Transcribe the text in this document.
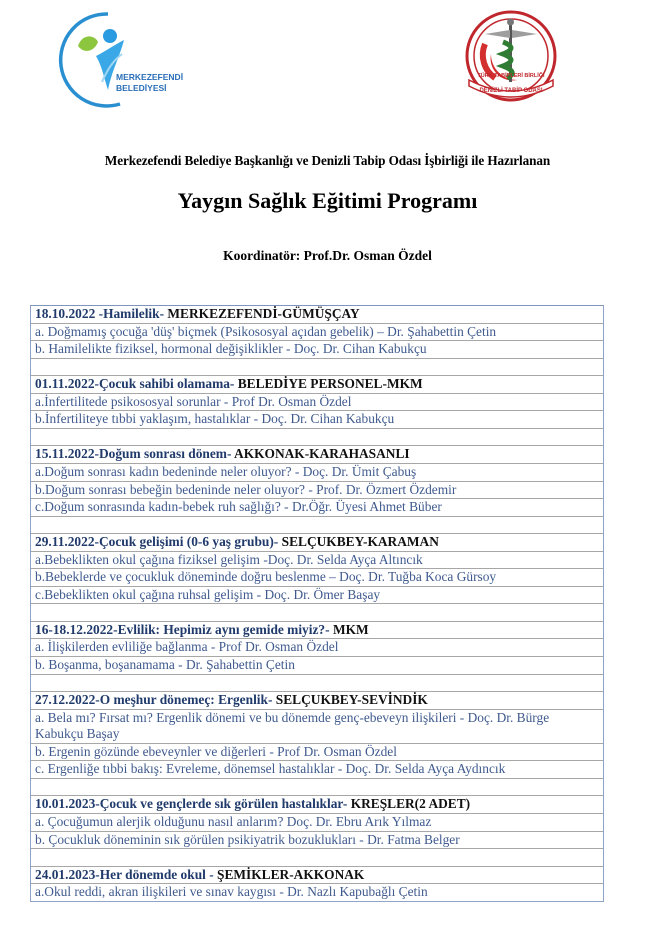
MERKEZEFENDİ
BELEDİYESİ	DENİZLİ TABİP ODASI
TÜRK TABİPLERİ BİRLİĞİ
Merkezefendi Belediye Başkanlığı ve Denizli Tabip Odası İşbirliği ile Hazırlanan
Yaygın Sağlık Eğitimi Programı
Koordinatör: Prof.Dr. Osman Özdel
18.10.2022 -Hamilelik- MERKEZEFENDİ-GÜMÜŞÇAY
a. Doğmamış çocuğa 'düş' biçmek (Psikososyal açıdan gebelik) – Dr. Şahabettin Çetin
b. Hamilelikte fiziksel, hormonal değişiklikler - Doç. Dr. Cihan Kabukçu
01.11.2022-Çocuk sahibi olamama- BELEDİYE PERSONEL-MKM
a.İnfertilitede psikososyal sorunlar - Prof Dr. Osman Özdel
b.İnfertiliteye tıbbi yaklaşım, hastalıklar - Doç. Dr. Cihan Kabukçu
15.11.2022-Doğum sonrası dönem- AKKONAK-KARAHASANLI
a.Doğum sonrası kadın bedeninde neler oluyor? - Doç. Dr. Ümit Çabuş
b.Doğum sonrası bebeğin bedeninde neler oluyor? - Prof. Dr. Özmert Özdemir
c.Doğum sonrasında kadın-bebek ruh sağlığı? - Dr.Öğr. Üyesi Ahmet Büber
29.11.2022-Çocuk gelişimi (0-6 yaş grubu)- SELÇUKBEY-KARAMAN
a.Bebeklikten okul çağına fiziksel gelişim -Doç. Dr. Selda Ayça Altıncık
b.Bebeklerde ve çocukluk döneminde doğru beslenme – Doç. Dr. Tuğba Koca Gürsoy
c.Bebeklikten okul çağına ruhsal gelişim - Doç. Dr. Ömer Başay
16-18.12.2022-Evlilik: Hepimiz aynı gemide miyiz?- MKM
a. İlişkilerden evliliğe bağlanma - Prof Dr. Osman Özdel
b. Boşanma, boşanamama - Dr. Şahabettin Çetin
27.12.2022-O meşhur dönemeç: Ergenlik- SELÇUKBEY-SEVİNDİK
a. Bela mı? Fırsat mı? Ergenlik dönemi ve bu dönemde genç-ebeveyn ilişkileri - Doç. Dr. Bürge Kabukçu Başay
b. Ergenin gözünde ebeveynler ve diğerleri - Prof Dr. Osman Özdel
c. Ergenliğe tıbbi bakış: Evreleme, dönemsel hastalıklar - Doç. Dr. Selda Ayça Aydıncık
10.01.2023-Çocuk ve gençlerde sık görülen hastalıklar- KREŞLER(2 ADET)
a. Çocuğumun alerjik olduğunu nasıl anlarım? Doç. Dr. Ebru Arık Yılmaz
b. Çocukluk döneminin sık görülen psikiyatrik bozuklukları - Dr. Fatma Belger
24.01.2023-Her dönemde okul - ŞEMİKLER-AKKONAK
a.Okul reddi, akran ilişkileri ve sınav kaygısı - Dr. Nazlı Kapubağlı Çetin
